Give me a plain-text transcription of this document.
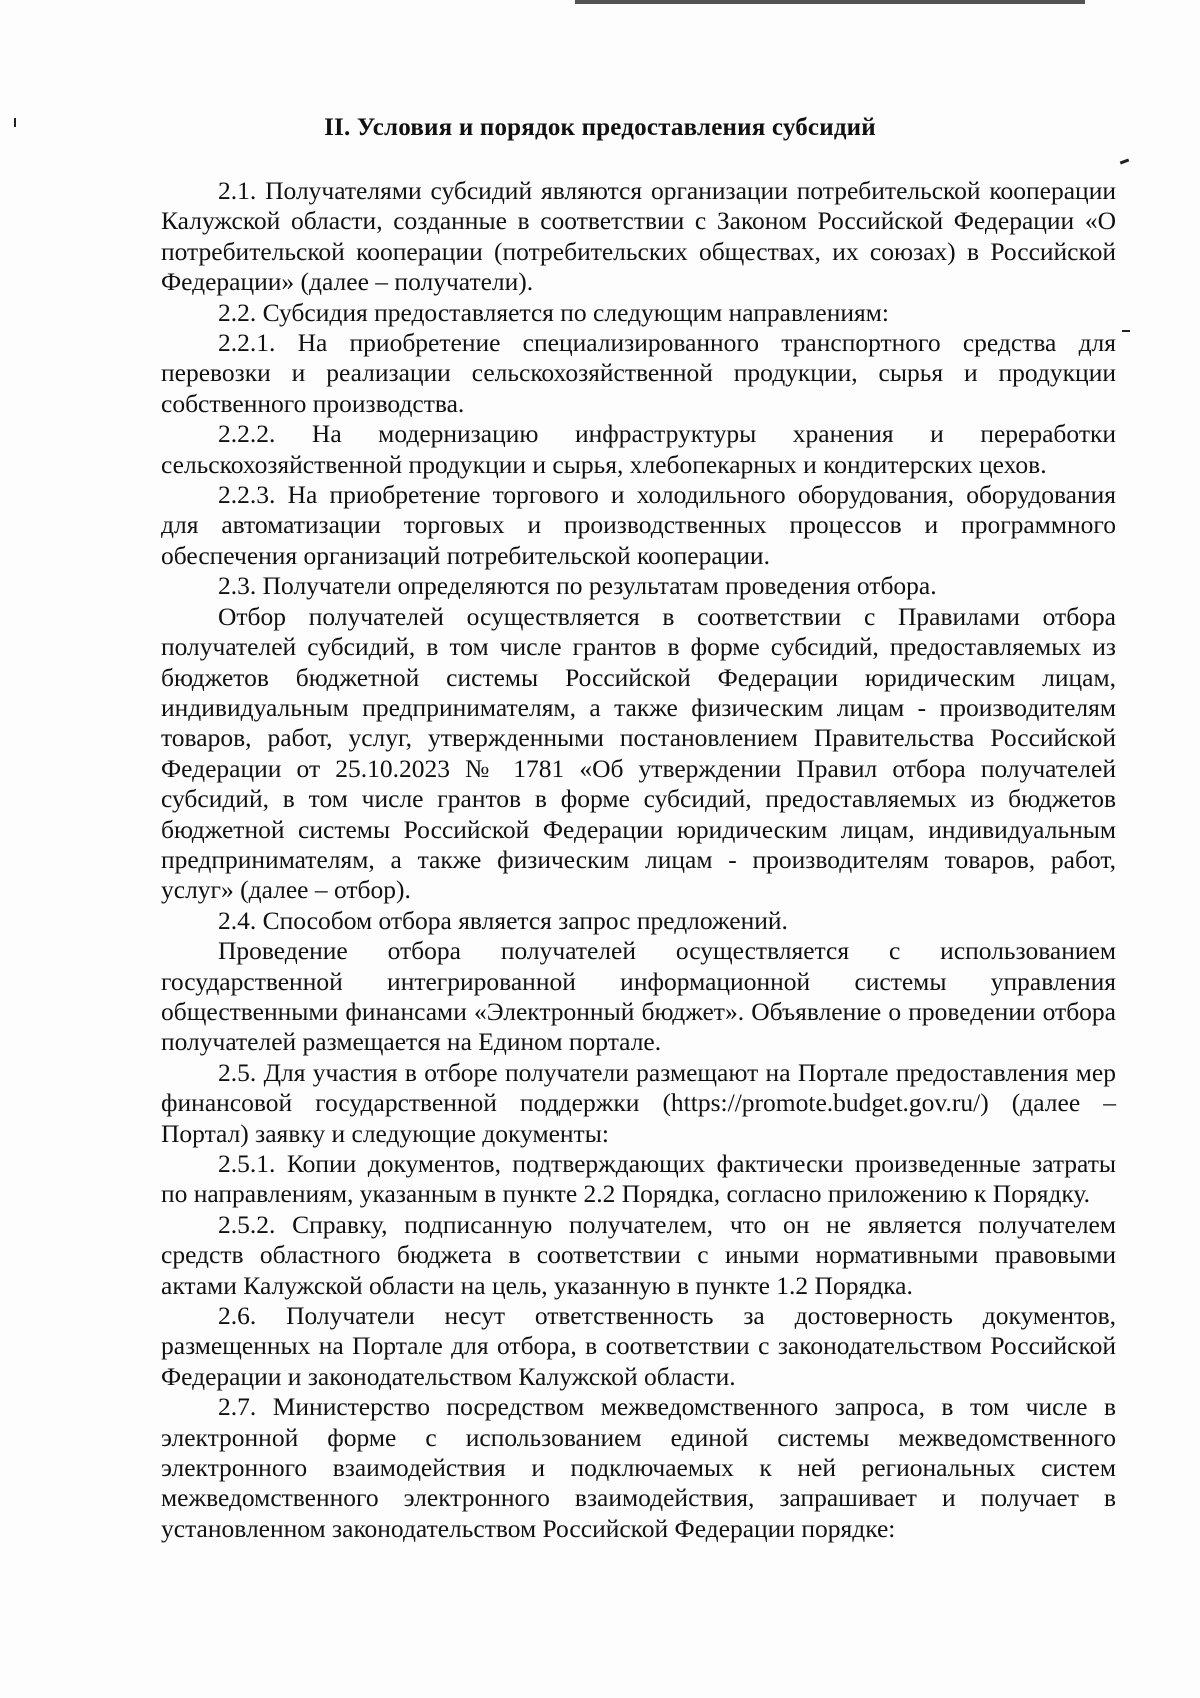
II. Условия и порядок предоставления субсидий

2.1. Получателями субсидий являются организации потребительской кооперации Калужской области, созданные в соответствии с Законом Российской Федерации «О потребительской кооперации (потребительских обществах, их союзах) в Российской Федерации» (далее – получатели).

2.2. Субсидия предоставляется по следующим направлениям:

2.2.1. На приобретение специализированного транспортного средства для перевозки и реализации сельскохозяйственной продукции, сырья и продукции собственного производства.

2.2.2. На модернизацию инфраструктуры хранения и переработки сельскохозяйственной продукции и сырья, хлебопекарных и кондитерских цехов.

2.2.3. На приобретение торгового и холодильного оборудования, оборудования для автоматизации торговых и производственных процессов и программного обеспечения организаций потребительской кооперации.

2.3. Получатели определяются по результатам проведения отбора.

Отбор получателей осуществляется в соответствии с Правилами отбора получателей субсидий, в том числе грантов в форме субсидий, предоставляемых из бюджетов бюджетной системы Российской Федерации юридическим лицам, индивидуальным предпринимателям, а также физическим лицам - производителям товаров, работ, услуг, утвержденными постановлением Правительства Российской Федерации от 25.10.2023 № 1781 «Об утверждении Правил отбора получателей субсидий, в том числе грантов в форме субсидий, предоставляемых из бюджетов бюджетной системы Российской Федерации юридическим лицам, индивидуальным предпринимателям, а также физическим лицам - производителям товаров, работ, услуг» (далее – отбор).

2.4. Способом отбора является запрос предложений.

Проведение отбора получателей осуществляется с использованием государственной интегрированной информационной системы управления общественными финансами «Электронный бюджет». Объявление о проведении отбора получателей размещается на Едином портале.

2.5. Для участия в отборе получатели размещают на Портале предоставления мер финансовой государственной поддержки (https://promote.budget.gov.ru/) (далее – Портал) заявку и следующие документы:

2.5.1. Копии документов, подтверждающих фактически произведенные затраты по направлениям, указанным в пункте 2.2 Порядка, согласно приложению к Порядку.

2.5.2. Справку, подписанную получателем, что он не является получателем средств областного бюджета в соответствии с иными нормативными правовыми актами Калужской области на цель, указанную в пункте 1.2 Порядка.

2.6. Получатели несут ответственность за достоверность документов, размещенных на Портале для отбора, в соответствии с законодательством Российской Федерации и законодательством Калужской области.

2.7. Министерство посредством межведомственного запроса, в том числе в электронной форме с использованием единой системы межведомственного электронного взаимодействия и подключаемых к ней региональных систем межведомственного электронного взаимодействия, запрашивает и получает в установленном законодательством Российской Федерации порядке:
